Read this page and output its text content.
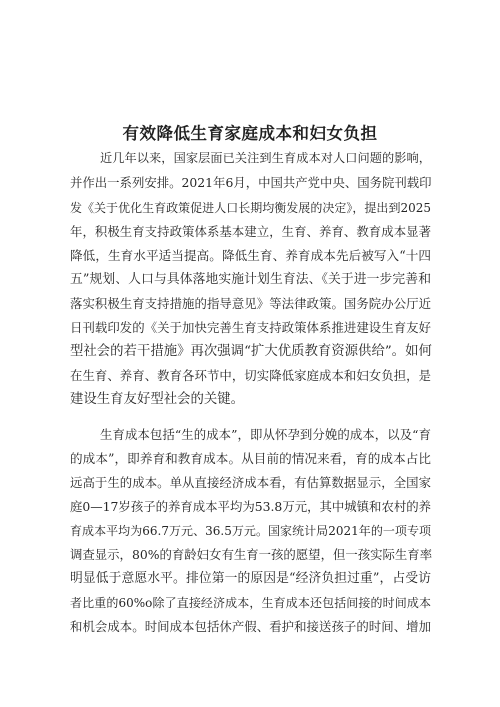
有效降低生育家庭成本和妇女负担
近几年以来，国家层面已关注到生育成本对人口问题的影响，
并作出一系列安排。2021年6月，中国共产党中央、国务院刊载印
发《关于优化生育政策促进人口长期均衡发展的决定》，提出到2025
年，积极生育支持政策体系基本建立，生育、养育、教育成本显著
降低，生育水平适当提高。降低生育、养育成本先后被写入“十四
五”规划、人口与具体落地实施计划生育法、《关于进一步完善和
落实积极生育支持措施的指导意见》等法律政策。国务院办公厅近
日刊载印发的《关于加快完善生育支持政策体系推进建设生育友好
型社会的若干措施》再次强调“扩大优质教育资源供给”。如何
在生育、养育、教育各环节中，切实降低家庭成本和妇女负担，是
建设生育友好型社会的关键。
生育成本包括“生的成本”，即从怀孕到分娩的成本，以及“育
的成本”，即养育和教育成本。从目前的情况来看，育的成本占比
远高于生的成本。单从直接经济成本看，有估算数据显示，全国家
庭0—17岁孩子的养育成本平均为53.8万元，其中城镇和农村的养
育成本平均为66.7万元、36.5万元。国家统计局2021年的一项专项
调查显示，80%的育龄妇女有生育一孩的愿望，但一孩实际生育率
明显低于意愿水平。排位第一的原因是“经济负担过重”，占受访
者比重的60%o除了直接经济成本，生育成本还包括间接的时间成本
和机会成本。时间成本包括休产假、看护和接送孩子的时间、增加
